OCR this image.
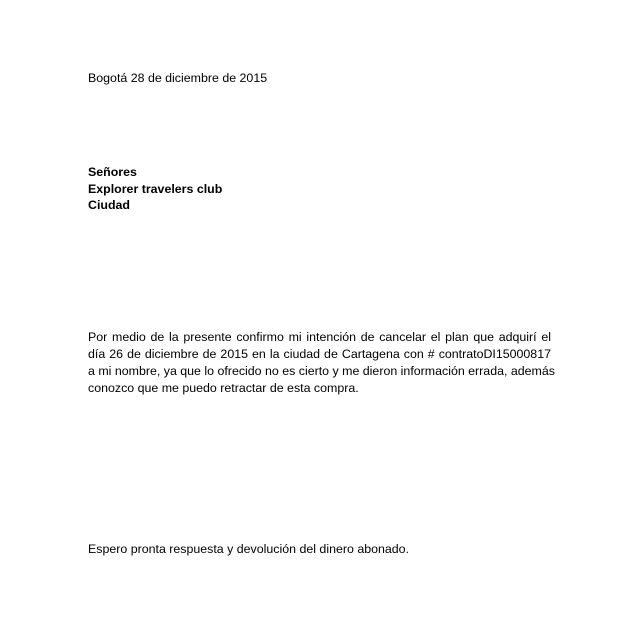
Bogotá 28 de diciembre de 2015
Señores
Explorer travelers club
Ciudad
Por medio de la presente confirmo mi intención de cancelar el plan que adquirí el
día 26 de diciembre de 2015 en la ciudad de Cartagena con # contratoDI15000817
a mi nombre, ya que lo ofrecido no es cierto y me dieron información errada, además
conozco que me puedo retractar de esta compra.
Espero pronta respuesta y devolución del dinero abonado.
